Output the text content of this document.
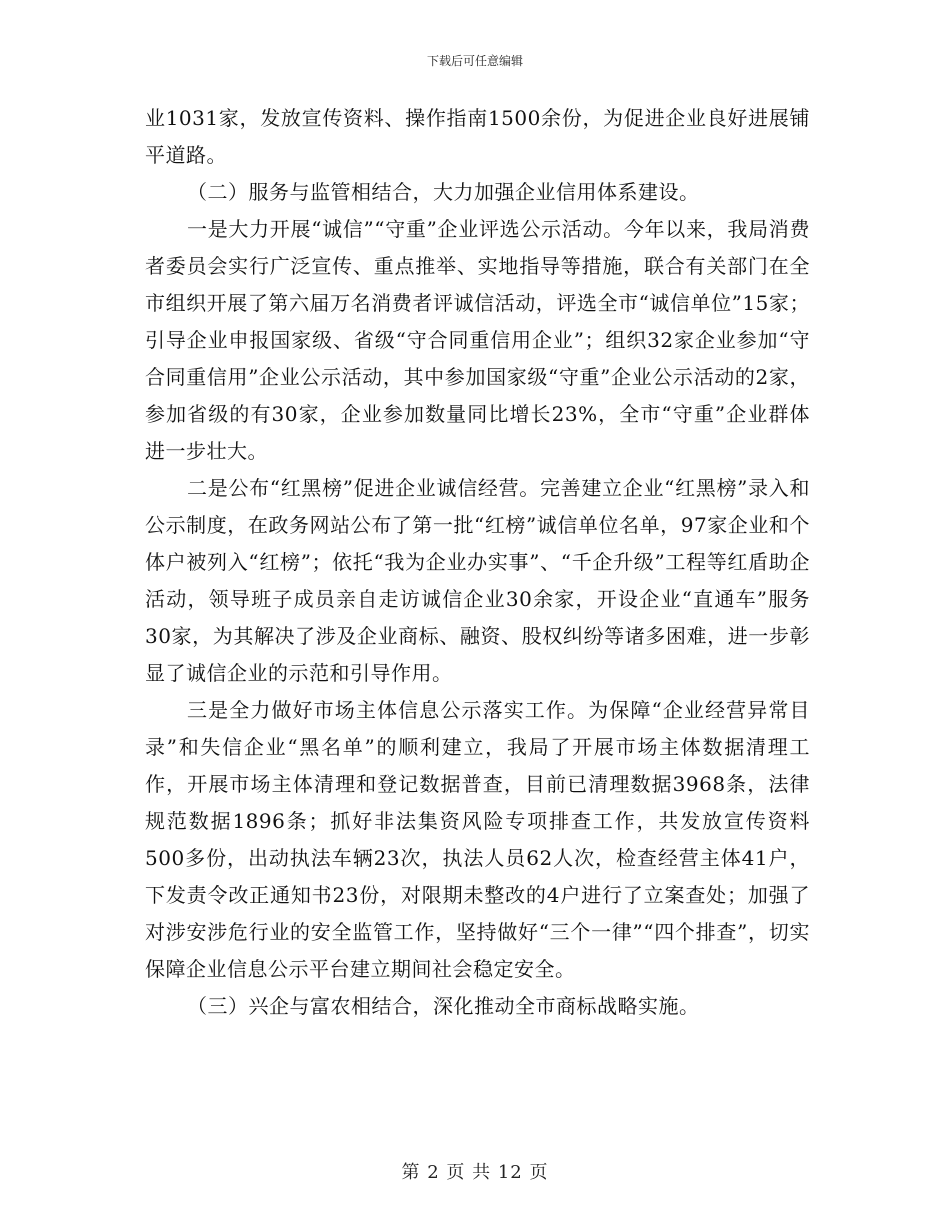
下载后可任意编辑

业1031家，发放宣传资料、操作指南1500余份，为促进企业良好进展铺平道路。

（二）服务与监管相结合，大力加强企业信用体系建设。

一是大力开展“诚信”“守重”企业评选公示活动。今年以来，我局消费者委员会实行广泛宣传、重点推举、实地指导等措施，联合有关部门在全市组织开展了第六届万名消费者评诚信活动，评选全市“诚信单位”15家；引导企业申报国家级、省级“守合同重信用企业”；组织32家企业参加“守合同重信用”企业公示活动，其中参加国家级“守重”企业公示活动的2家，参加省级的有30家，企业参加数量同比增长23%，全市“守重”企业群体进一步壮大。

二是公布“红黑榜”促进企业诚信经营。完善建立企业“红黑榜”录入和公示制度，在政务网站公布了第一批“红榜”诚信单位名单，97家企业和个体户被列入“红榜”；依托“我为企业办实事”、“千企升级”工程等红盾助企活动，领导班子成员亲自走访诚信企业30余家，开设企业“直通车”服务30家，为其解决了涉及企业商标、融资、股权纠纷等诸多困难，进一步彰显了诚信企业的示范和引导作用。

三是全力做好市场主体信息公示落实工作。为保障“企业经营异常目录”和失信企业“黑名单”的顺利建立，我局了开展市场主体数据清理工作，开展市场主体清理和登记数据普查，目前已清理数据3968条，法律规范数据1896条；抓好非法集资风险专项排查工作，共发放宣传资料500多份，出动执法车辆23次，执法人员62人次，检查经营主体41户，下发责令改正通知书23份，对限期未整改的4户进行了立案查处；加强了对涉安涉危行业的安全监管工作，坚持做好“三个一律”“四个排查”，切实保障企业信息公示平台建立期间社会稳定安全。

（三）兴企与富农相结合，深化推动全市商标战略实施。

第 2 页 共 12 页
